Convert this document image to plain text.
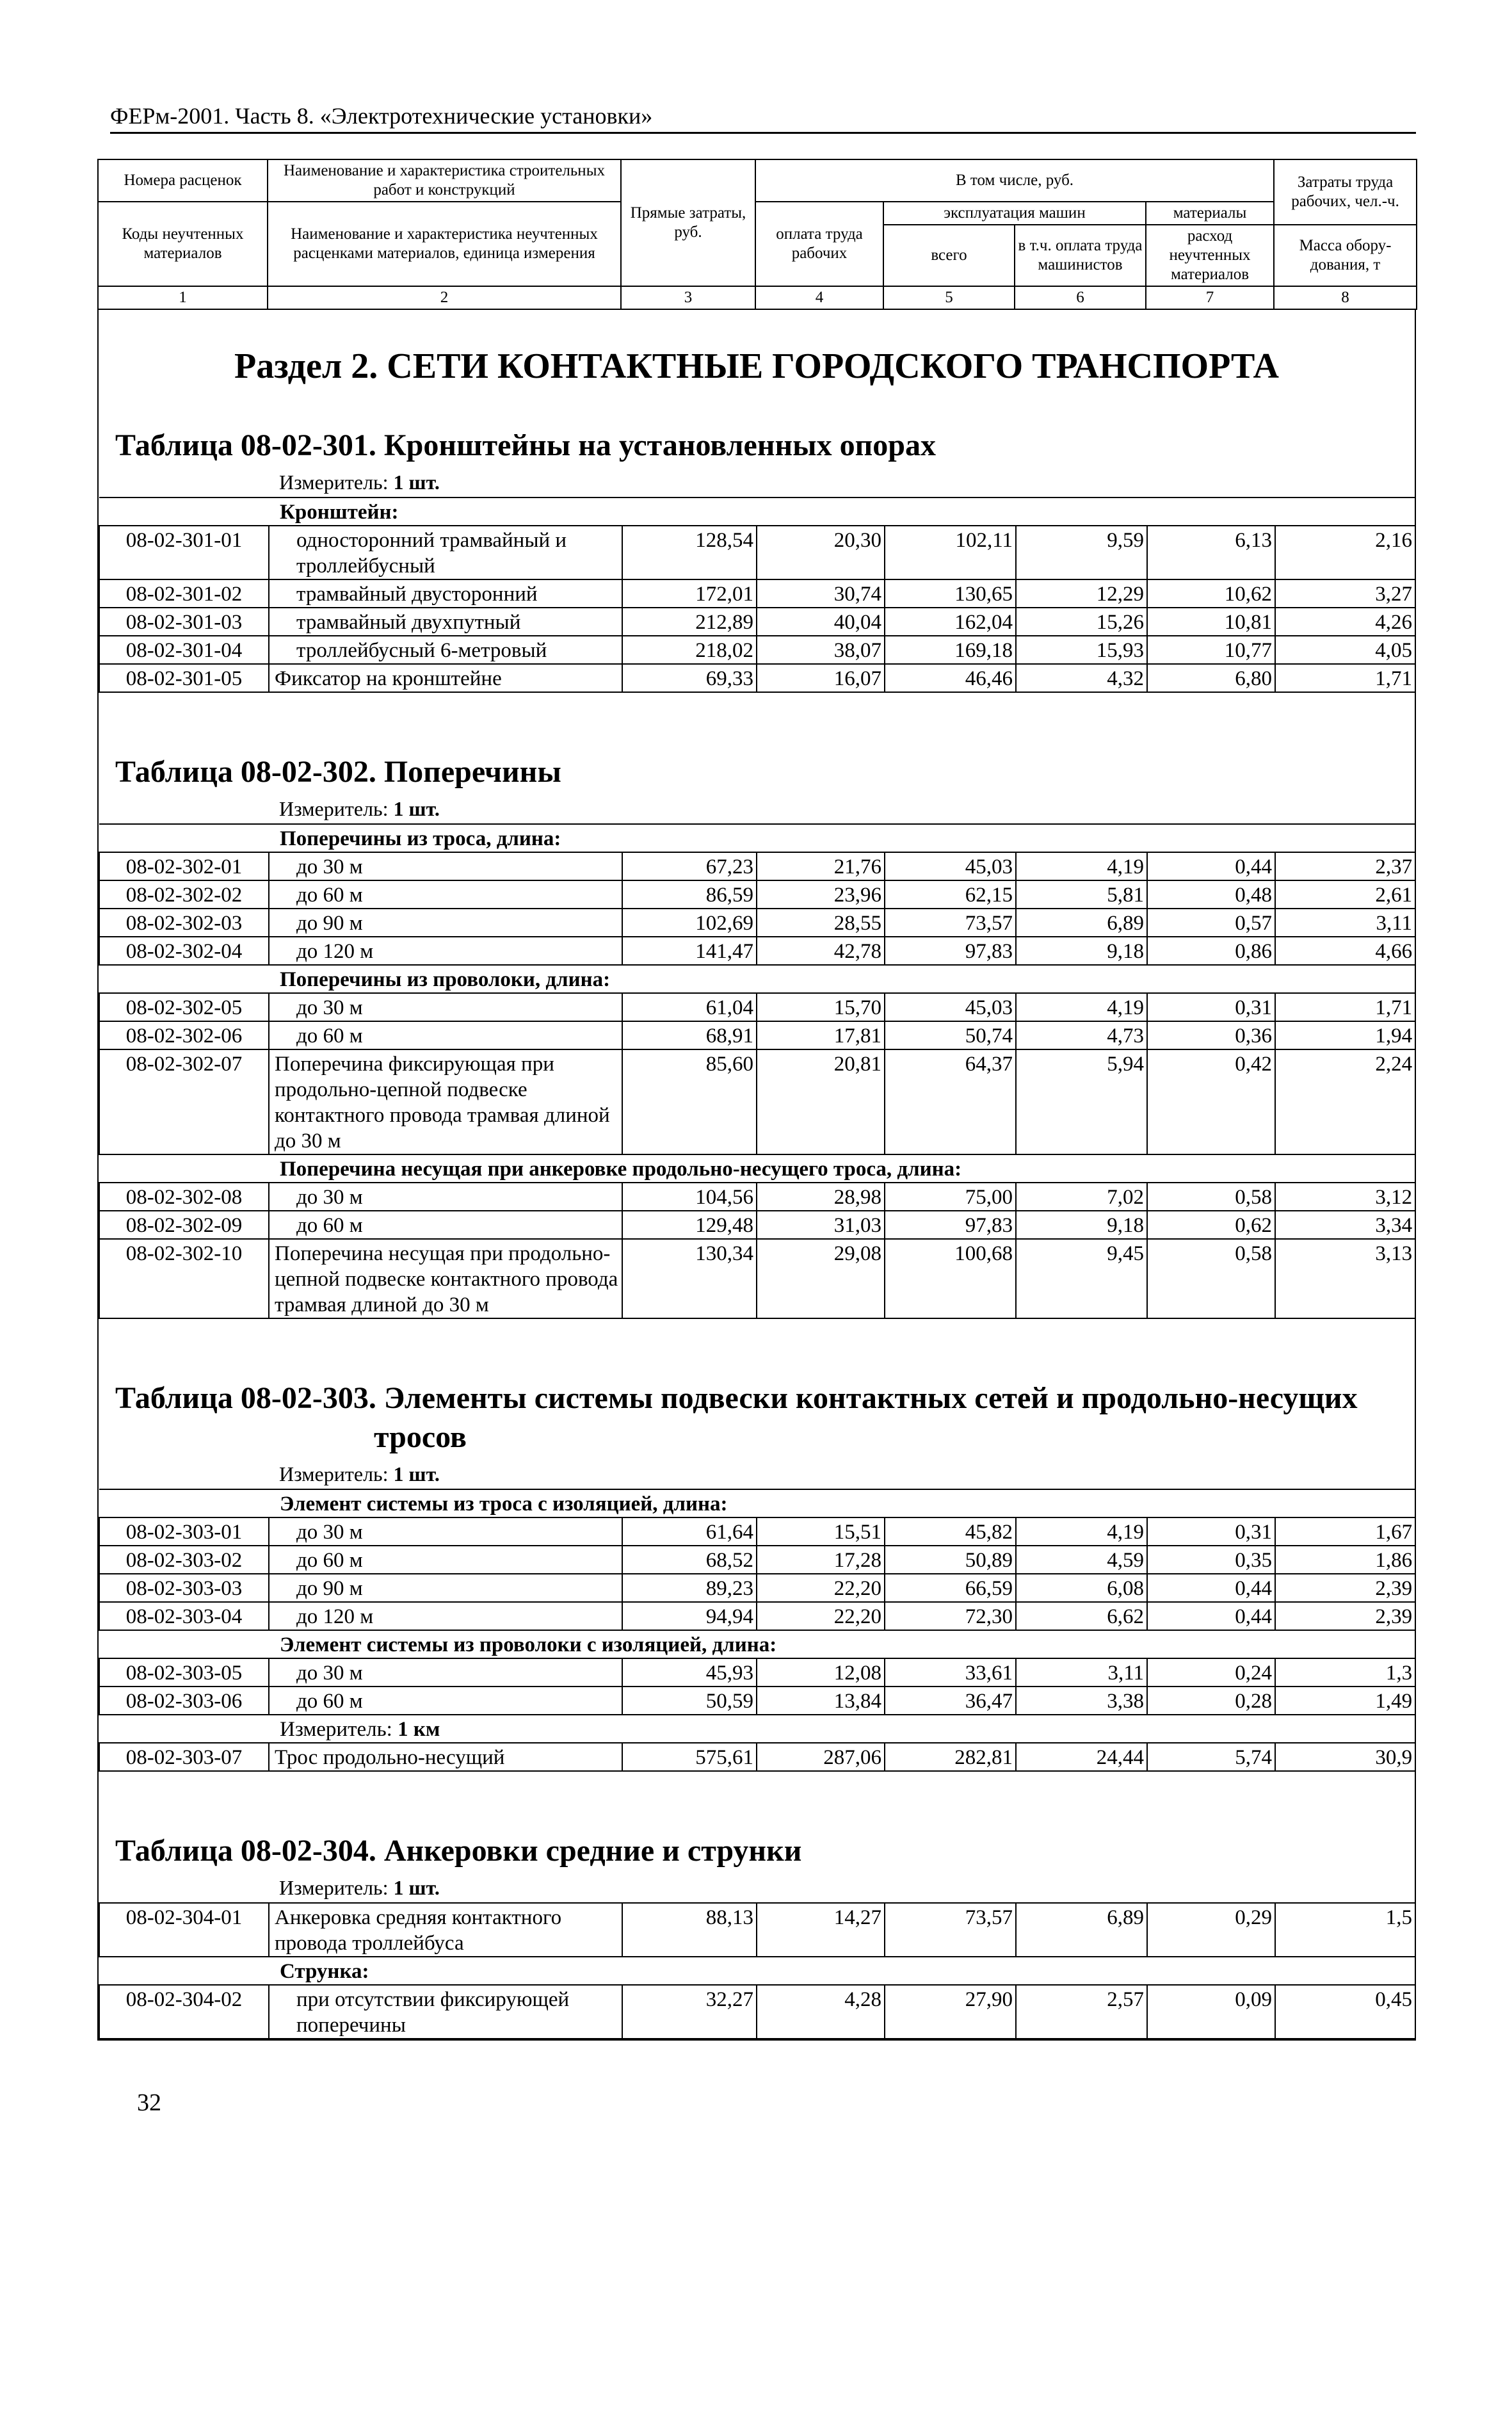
ФЕРм-2001. Часть 8. «Электротехнические установки»
Номера расценок	Наименование и характеристика строительных работ и конструкций	Прямые затраты, руб.	В том числе, руб.				Затраты труда рабочих, чел.-ч.
Коды неучтенных материалов	Наименование и характеристика неучтенных расценками материалов, единица измерения		оплата труда рабочих	эксплуатация машин		материалы	
				всего	в т.ч. оплата труда машинистов	расход неучтенных материалов	Масса обору-дования, т
1	2	3	4	5	6	7	8
Раздел 2. СЕТИ КОНТАКТНЫЕ ГОРОДСКОГО ТРАНСПОРТА
Таблица 08-02-301. Кронштейны на установленных опорах
Измеритель: 1 шт.
Кронштейн:							
08-02-301-01	односторонний трамвайный и троллейбусный	128,54	20,30	102,11	9,59	6,13	2,16
08-02-301-02	трамвайный двусторонний	172,01	30,74	130,65	12,29	10,62	3,27
08-02-301-03	трамвайный двухпутный	212,89	40,04	162,04	15,26	10,81	4,26
08-02-301-04	троллейбусный 6-метровый	218,02	38,07	169,18	15,93	10,77	4,05
08-02-301-05	Фиксатор на кронштейне	69,33	16,07	46,46	4,32	6,80	1,71
Таблица 08-02-302. Поперечины
Измеритель: 1 шт.
Поперечины из троса, длина:							
08-02-302-01	до 30 м	67,23	21,76	45,03	4,19	0,44	2,37
08-02-302-02	до 60 м	86,59	23,96	62,15	5,81	0,48	2,61
08-02-302-03	до 90 м	102,69	28,55	73,57	6,89	0,57	3,11
08-02-302-04	до 120 м	141,47	42,78	97,83	9,18	0,86	4,66
Поперечины из проволоки, длина:							
08-02-302-05	до 30 м	61,04	15,70	45,03	4,19	0,31	1,71
08-02-302-06	до 60 м	68,91	17,81	50,74	4,73	0,36	1,94
08-02-302-07	Поперечина фиксирующая при продольно-цепной подвеске контактного провода трамвая длиной до 30 м	85,60	20,81	64,37	5,94	0,42	2,24
Поперечина несущая при анкеровке продольно-несущего троса, длина:							
08-02-302-08	до 30 м	104,56	28,98	75,00	7,02	0,58	3,12
08-02-302-09	до 60 м	129,48	31,03	97,83	9,18	0,62	3,34
08-02-302-10	Поперечина несущая при продольно-цепной подвеске контактного провода трамвая длиной до 30 м	130,34	29,08	100,68	9,45	0,58	3,13
Таблица 08-02-303. Элементы системы подвески контактных сетей и продольно-несущих
тросов
Измеритель: 1 шт.
Элемент системы из троса с изоляцией, длина:							
08-02-303-01	до 30 м	61,64	15,51	45,82	4,19	0,31	1,67
08-02-303-02	до 60 м	68,52	17,28	50,89	4,59	0,35	1,86
08-02-303-03	до 90 м	89,23	22,20	66,59	6,08	0,44	2,39
08-02-303-04	до 120 м	94,94	22,20	72,30	6,62	0,44	2,39
Элемент системы из проволоки с изоляцией, длина:							
08-02-303-05	до 30 м	45,93	12,08	33,61	3,11	0,24	1,3
08-02-303-06	до 60 м	50,59	13,84	36,47	3,38	0,28	1,49
Измеритель: 1 км							
08-02-303-07	Трос продольно-несущий	575,61	287,06	282,81	24,44	5,74	30,9
Таблица 08-02-304. Анкеровки средние и струнки
Измеритель: 1 шт.
08-02-304-01	Анкеровка средняя контактного провода троллейбуса	88,13	14,27	73,57	6,89	0,29	1,5
Струнка:							
08-02-304-02	при отсутствии фиксирующей поперечины	32,27	4,28	27,90	2,57	0,09	0,45
32
